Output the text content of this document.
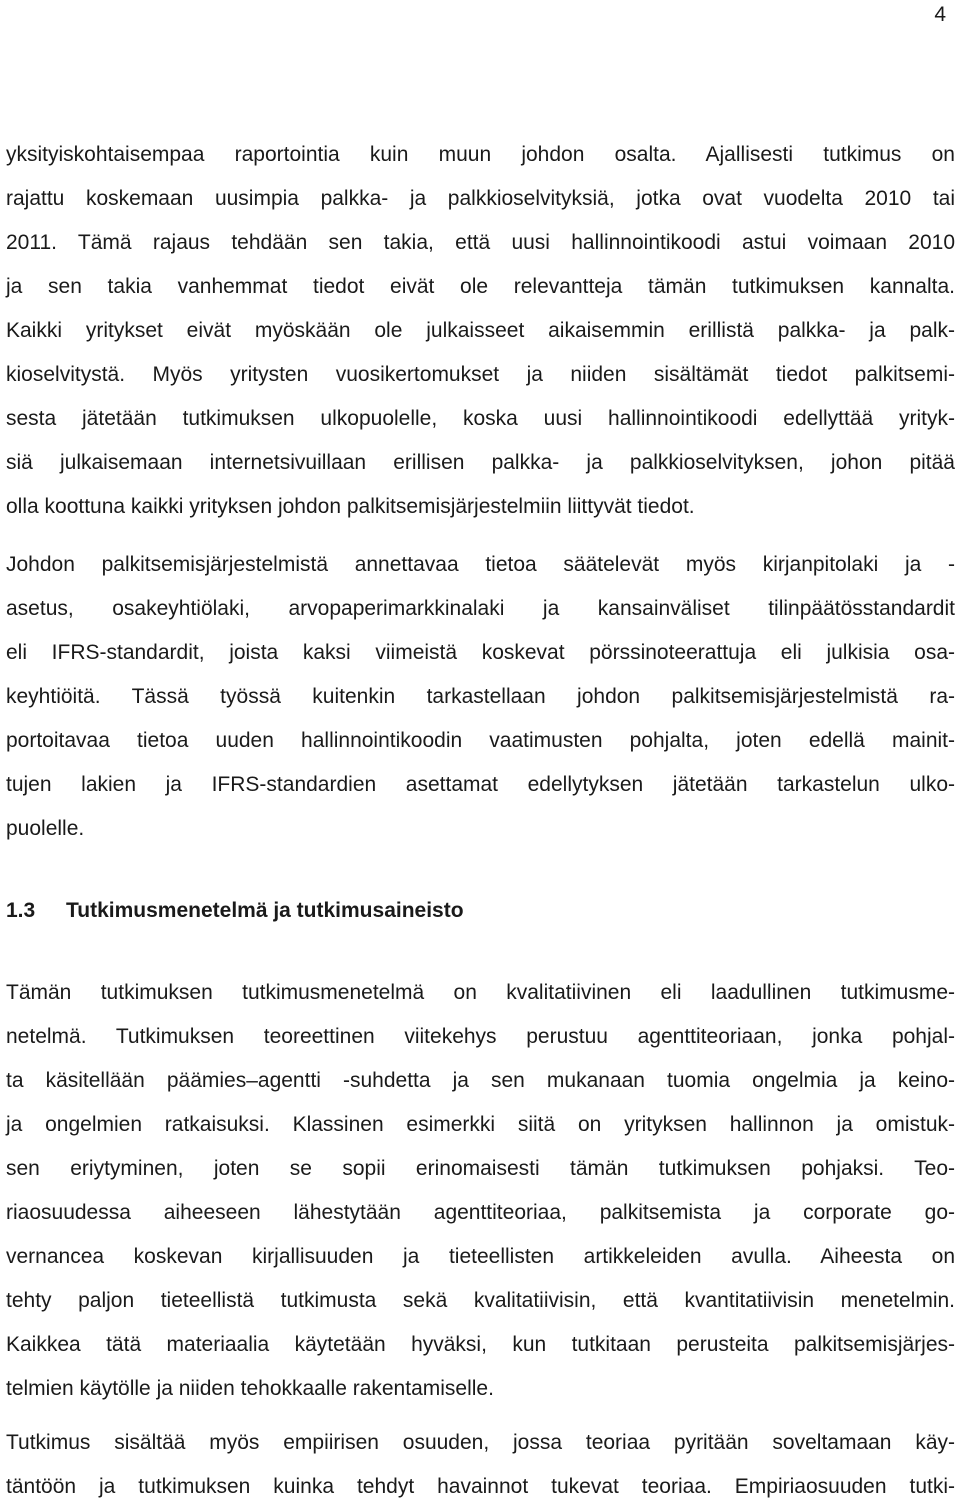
4
yksityiskohtaisempaa raportointia kuin muun johdon osalta. Ajallisesti tutkimus on
rajattu koskemaan uusimpia palkka- ja palkkioselvityksiä, jotka ovat vuodelta 2010 tai
2011. Tämä rajaus tehdään sen takia, että uusi hallinnointikoodi astui voimaan 2010
ja sen takia vanhemmat tiedot eivät ole relevantteja tämän tutkimuksen kannalta.
Kaikki yritykset eivät myöskään ole julkaisseet aikaisemmin erillistä palkka- ja palk-
kioselvitystä. Myös yritysten vuosikertomukset ja niiden sisältämät tiedot palkitsemi-
sesta jätetään tutkimuksen ulkopuolelle, koska uusi hallinnointikoodi edellyttää yrityk-
siä julkaisemaan internetsivuillaan erillisen palkka- ja palkkioselvityksen, johon pitää
olla koottuna kaikki yrityksen johdon palkitsemisjärjestelmiin liittyvät tiedot.
Johdon palkitsemisjärjestelmistä annettavaa tietoa säätelevät myös kirjanpitolaki ja -
asetus, osakeyhtiölaki, arvopaperimarkkinalaki ja kansainväliset tilinpäätösstandardit
eli IFRS-standardit, joista kaksi viimeistä koskevat pörssinoteerattuja eli julkisia osa-
keyhtiöitä. Tässä työssä kuitenkin tarkastellaan johdon palkitsemisjärjestelmistä ra-
portoitavaa tietoa uuden hallinnointikoodin vaatimusten pohjalta, joten edellä mainit-
tujen lakien ja IFRS-standardien asettamat edellytyksen jätetään tarkastelun ulko-
puolelle.
1.3 Tutkimusmenetelmä ja tutkimusaineisto
Tämän tutkimuksen tutkimusmenetelmä on kvalitatiivinen eli laadullinen tutkimusme-
netelmä. Tutkimuksen teoreettinen viitekehys perustuu agenttiteoriaan, jonka pohjal-
ta käsitellään päämies–agentti -suhdetta ja sen mukanaan tuomia ongelmia ja keino-
ja ongelmien ratkaisuksi. Klassinen esimerkki siitä on yrityksen hallinnon ja omistuk-
sen eriytyminen, joten se sopii erinomaisesti tämän tutkimuksen pohjaksi. Teo-
riaosuudessa aiheeseen lähestytään agenttiteoriaa, palkitsemista ja corporate go-
vernancea koskevan kirjallisuuden ja tieteellisten artikkeleiden avulla. Aiheesta on
tehty paljon tieteellistä tutkimusta sekä kvalitatiivisin, että kvantitatiivisin menetelmin.
Kaikkea tätä materiaalia käytetään hyväksi, kun tutkitaan perusteita palkitsemisjärjes-
telmien käytölle ja niiden tehokkaalle rakentamiselle.
Tutkimus sisältää myös empiirisen osuuden, jossa teoriaa pyritään soveltamaan käy-
täntöön ja tutkimuksen kuinka tehdyt havainnot tukevat teoriaa. Empiriaosuuden tutki-
